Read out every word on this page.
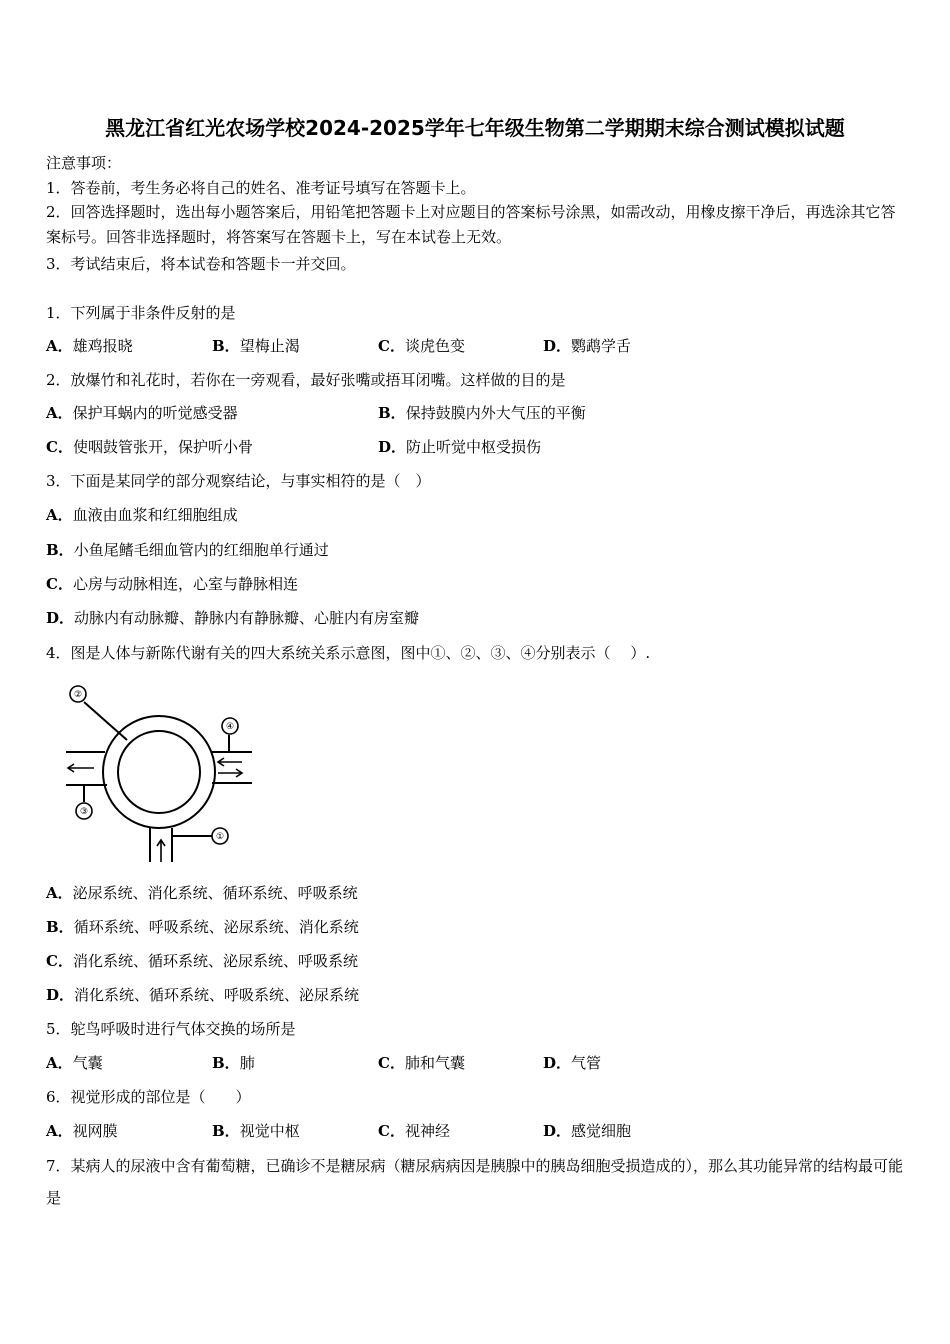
黑龙江省红光农场学校2024-2025学年七年级生物第二学期期末综合测试模拟试题
注意事项：
1．答卷前，考生务必将自己的姓名、准考证号填写在答题卡上。
2．回答选择题时，选出每小题答案后，用铅笔把答题卡上对应题目的答案标号涂黑，如需改动，用橡皮擦干净后，再选涂其它答案标号。回答非选择题时，将答案写在答题卡上，写在本试卷上无效。
3．考试结束后，将本试卷和答题卡一并交回。
1．下列属于非条件反射的是
A．雄鸡报晓	B．望梅止渴	C．谈虎色变	D．鹦鹉学舌
2．放爆竹和礼花时，若你在一旁观看，最好张嘴或捂耳闭嘴。这样做的目的是
A．保护耳蜗内的听觉感受器	B．保持鼓膜内外大气压的平衡
C．使咽鼓管张开，保护听小骨	D．防止听觉中枢受损伤
3．下面是某同学的部分观察结论，与事实相符的是（　）
A．血液由血浆和红细胞组成
B．小鱼尾鳍毛细血管内的红细胞单行通过
C．心房与动脉相连，心室与静脉相连
D．动脉内有动脉瓣、静脉内有静脉瓣、心脏内有房室瓣
4．图是人体与新陈代谢有关的四大系统关系示意图，图中①、②、③、④分别表示（　 ）.
②
④
③
①
A．泌尿系统、消化系统、循环系统、呼吸系统
B．循环系统、呼吸系统、泌尿系统、消化系统
C．消化系统、循环系统、泌尿系统、呼吸系统
D．消化系统、循环系统、呼吸系统、泌尿系统
5．鸵鸟呼吸时进行气体交换的场所是
A．气囊	B．肺	C．肺和气囊	D．气管
6．视觉形成的部位是（　　）
A．视网膜	B．视觉中枢	C．视神经	D．感觉细胞
7．某病人的尿液中含有葡萄糖，已确诊不是糖尿病（糖尿病病因是胰腺中的胰岛细胞受损造成的），那么其功能异常的结构最可能是
